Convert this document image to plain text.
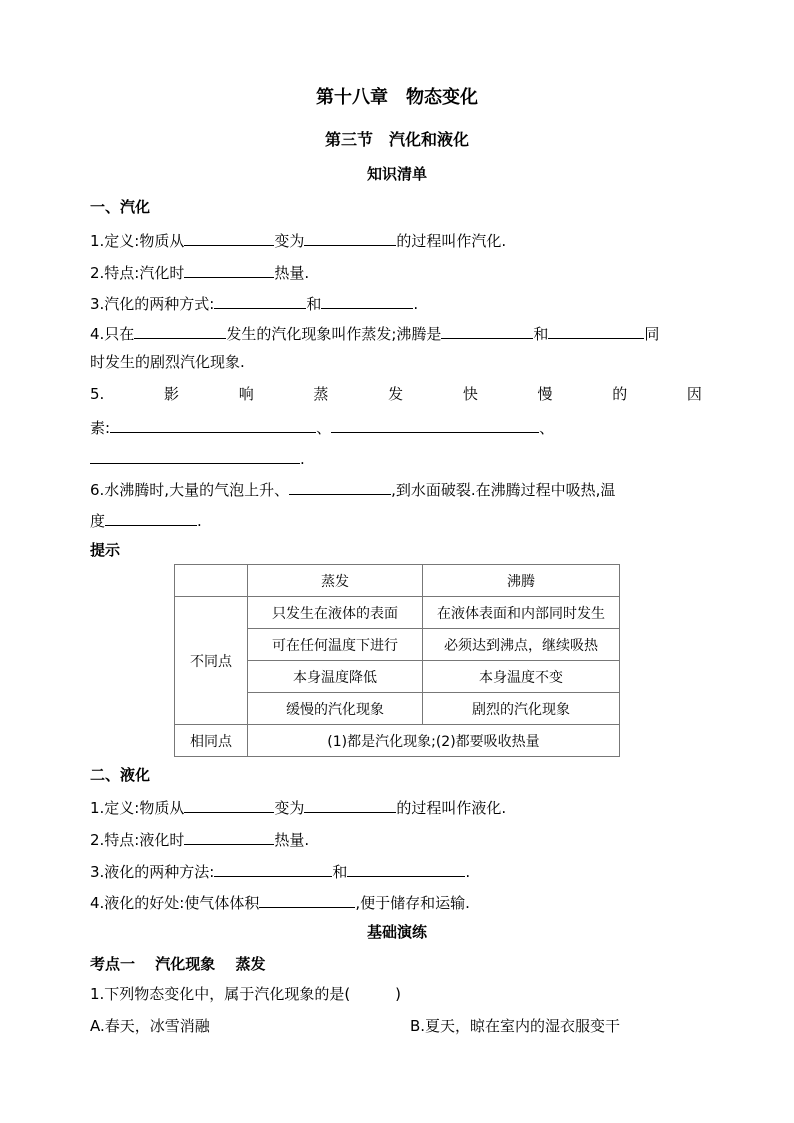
第十八章　物态变化
第三节　汽化和液化
知识清单
一、汽化
1.定义:物质从	变为	的过程叫作汽化.
2.特点:汽化时	热量.
3.汽化的两种方式:	和	.
4.只在	发生的汽化现象叫作蒸发;沸腾是	和	同
时发生的剧烈汽化现象.
5.	影	响	蒸	发	快	慢	的	因
素:	、	、
.
6.水沸腾时,大量的气泡上升、	,到水面破裂.在沸腾过程中吸热,温
度	.
提示
	蒸发	沸腾
不同点	只发生在液体的表面	在液体表面和内部同时发生
	可在任何温度下进行	必须达到沸点，继续吸热
	本身温度降低	本身温度不变
	缓慢的汽化现象	剧烈的汽化现象
相同点	(1)都是汽化现象;(2)都要吸收热量	
二、液化
1.定义:物质从	变为	的过程叫作液化.
2.特点:液化时	热量.
3.液化的两种方法:	和	.
4.液化的好处:使气体体积	,便于储存和运输.
基础演练
考点一　 汽化现象　 蒸发
1.下列物态变化中，属于汽化现象的是(　　　)
A.春天，冰雪消融	B.夏天，晾在室内的湿衣服变干
